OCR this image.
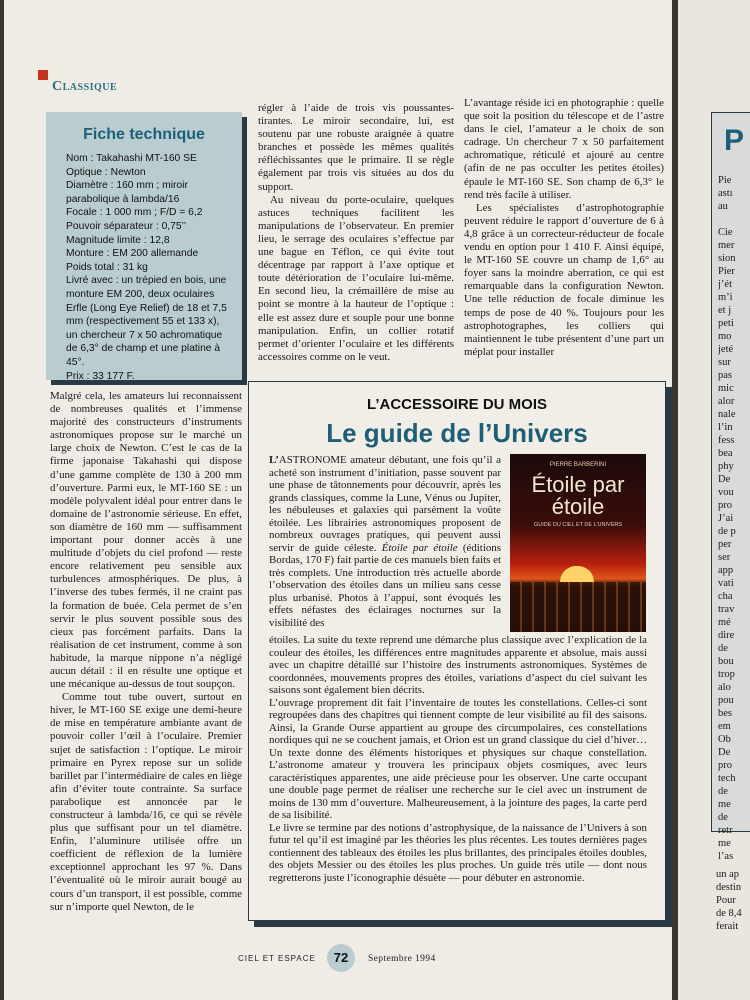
Classique
Fiche technique

Nom : Takahashi MT-160 SE

Optique : Newton

Diamètre : 160 mm ; miroir parabolique à lambda/16

Focale : 1 000 mm ; F/D = 6,2

Pouvoir séparateur : 0,75’’

Magnitude limite : 12,8

Monture : EM 200 allemande

Poids total : 31 kg

Livré avec : un trépied en bois, une monture EM 200, deux oculaires Erfle (Long Eye Relief) de 18 et 7,5 mm (respectivement 55 et 133 x), un chercheur 7 x 50 achromatique de 6,3° de champ et une platine à 45°.

Prix : 33 177 F.

Malgré cela, les amateurs lui reconnaissent de nombreuses qualités et l’immense majorité des constructeurs d’instruments astronomiques propose sur le marché un large choix de Newton. C’est le cas de la firme japonaise Takahashi qui dispose d’une gamme complète de 130 à 200 mm d’ouverture. Parmi eux, le MT-160 SE : un modèle polyvalent idéal pour entrer dans le domaine de l’astronomie sérieuse. En effet, son diamètre de 160 mm — suffisamment important pour donner accès à une multitude d’objets du ciel profond — reste encore relativement peu sensible aux turbulences atmosphériques. De plus, à l’inverse des tubes fermés, il ne craint pas la formation de buée. Cela permet de s’en servir le plus souvent possible sous des cieux pas forcément parfaits. Dans la réalisation de cet instrument, comme à son habitude, la marque nippone n’a négligé aucun détail : il en résulte une optique et une mécanique au-dessus de tout soupçon.

Comme tout tube ouvert, surtout en hiver, le MT-160 SE exige une demi-heure de mise en température ambiante avant de pouvoir coller l’œil à l’oculaire. Premier sujet de satisfaction : l’optique. Le miroir primaire en Pyrex repose sur un solide barillet par l’intermédiaire de cales en liège afin d’éviter toute contrainte. Sa surface parabolique est annoncée par le constructeur à lambda/16, ce qui se révèle plus que suffisant pour un tel diamètre. Enfin, l’aluminure utilisée offre un coefficient de réflexion de la lumière exceptionnel approchant les 97 %. Dans l’éventualité où le miroir aurait bougé au cours d’un transport, il est possible, comme sur n’importe quel Newton, de le

régler à l’aide de trois vis poussantes-tirantes. Le miroir secondaire, lui, est soutenu par une robuste araignée à quatre branches et possède les mêmes qualités réfléchissantes que le primaire. Il se règle également par trois vis situées au dos du support.

Au niveau du porte-oculaire, quelques astuces techniques facilitent les manipulations de l’observateur. En premier lieu, le serrage des oculaires s’effectue par une bague en Téflon, ce qui évite tout décentrage par rapport à l’axe optique et toute détérioration de l’oculaire lui-même. En second lieu, la crémaillère de mise au point se montre à la hauteur de l’optique : elle est assez dure et souple pour une bonne manipulation. Enfin, un collier rotatif permet d’orienter l’oculaire et les différents accessoires comme on le veut.

L’avantage réside ici en photographie : quelle que soit la position du télescope et de l’astre dans le ciel, l’amateur a le choix de son cadrage. Un chercheur 7 x 50 parfaitement achromatique, réticulé et ajouré au centre (afin de ne pas occulter les petites étoiles) épaule le MT-160 SE. Son champ de 6,3° le rend très facile à utiliser.

Les spécialistes d’astrophotographie peuvent réduire le rapport d’ouverture de 6 à 4,8 grâce à un correcteur-réducteur de focale vendu en option pour 1 410 F. Ainsi équipé, le MT-160 SE couvre un champ de 1,6° au foyer sans la moindre aberration, ce qui est remarquable dans la configuration Newton. Une telle réduction de focale diminue les temps de pose de 40 %. Toujours pour les astrophotographes, les colliers qui maintiennent le tube présentent d’une part un méplat pour installer

L’ACCESSOIRE DU MOIS
Le guide de l’Univers
PIERRE BARBERINI
Étoile par étoile
GUIDE DU CIEL ET DE L’UNIVERS

L’ASTRONOME amateur débutant, une fois qu’il a acheté son instrument d’initiation, passe souvent par une phase de tâtonnements pour découvrir, après les grands classiques, comme la Lune, Vénus ou Jupiter, les nébuleuses et galaxies qui parsèment la voûte étoilée. Les librairies astronomiques proposent de nombreux ouvrages pratiques, qui peuvent aussi servir de guide céleste. Étoile par étoile (éditions Bordas, 170 F) fait partie de ces manuels bien faits et très complets. Une introduction très actuelle aborde l’observation des étoiles dans un milieu sans cesse plus urbanisé. Photos à l’appui, sont évoqués les effets néfastes des éclairages nocturnes sur la visibilité des

étoiles. La suite du texte reprend une démarche plus classique avec l’explication de la couleur des étoiles, les différences entre magnitudes apparente et absolue, mais aussi avec un chapitre détaillé sur l’histoire des instruments astronomiques. Systèmes de coordonnées, mouvements propres des étoiles, variations d’aspect du ciel suivant les saisons sont également bien décrits.

L’ouvrage proprement dit fait l’inventaire de toutes les constellations. Celles-ci sont regroupées dans des chapitres qui tiennent compte de leur visibilité au fil des saisons. Ainsi, la Grande Ourse appartient au groupe des circumpolaires, ces constellations nordiques qui ne se couchent jamais, et Orion est un grand classique du ciel d’hiver… Un texte donne des éléments historiques et physiques sur chaque constellation. L’astronome amateur y trouvera les principaux objets cosmiques, avec leurs caractéristiques apparentes, une aide précieuse pour les observer. Une carte occupant une double page permet de réaliser une recherche sur le ciel avec un instrument de moins de 130 mm d’ouverture. Malheureusement, à la jointure des pages, la carte perd de sa lisibilité.

Le livre se termine par des notions d’astrophysique, de la naissance de l’Univers à son futur tel qu’il est imaginé par les théories les plus récentes. Les toutes dernières pages contiennent des tableaux des étoiles les plus brillantes, des principales étoiles doubles, des objets Messier ou des étoiles les plus proches. Un guide très utile — dont nous regretterons juste l’iconographie désuète — pour débuter en astronomie.

CIEL ET ESPACE	72	Septembre 1994
P
Pie
astı
au

Cie
mer
sion
Pier
j’ét
m’i
et j
peti
mo
jeté
sur
pas
mic
alor
nale
l’in
fess
bea
phy
De
vou
pro
J’ai
de p
per
ser
app
vati
cha
trav
mé
dire
de
bou
trop
alo
pou
bes
em
Ob
De
pro
tech
de
me
de
retr
me
l’as
un ap
destin
Pour
de 8,4
ferait
